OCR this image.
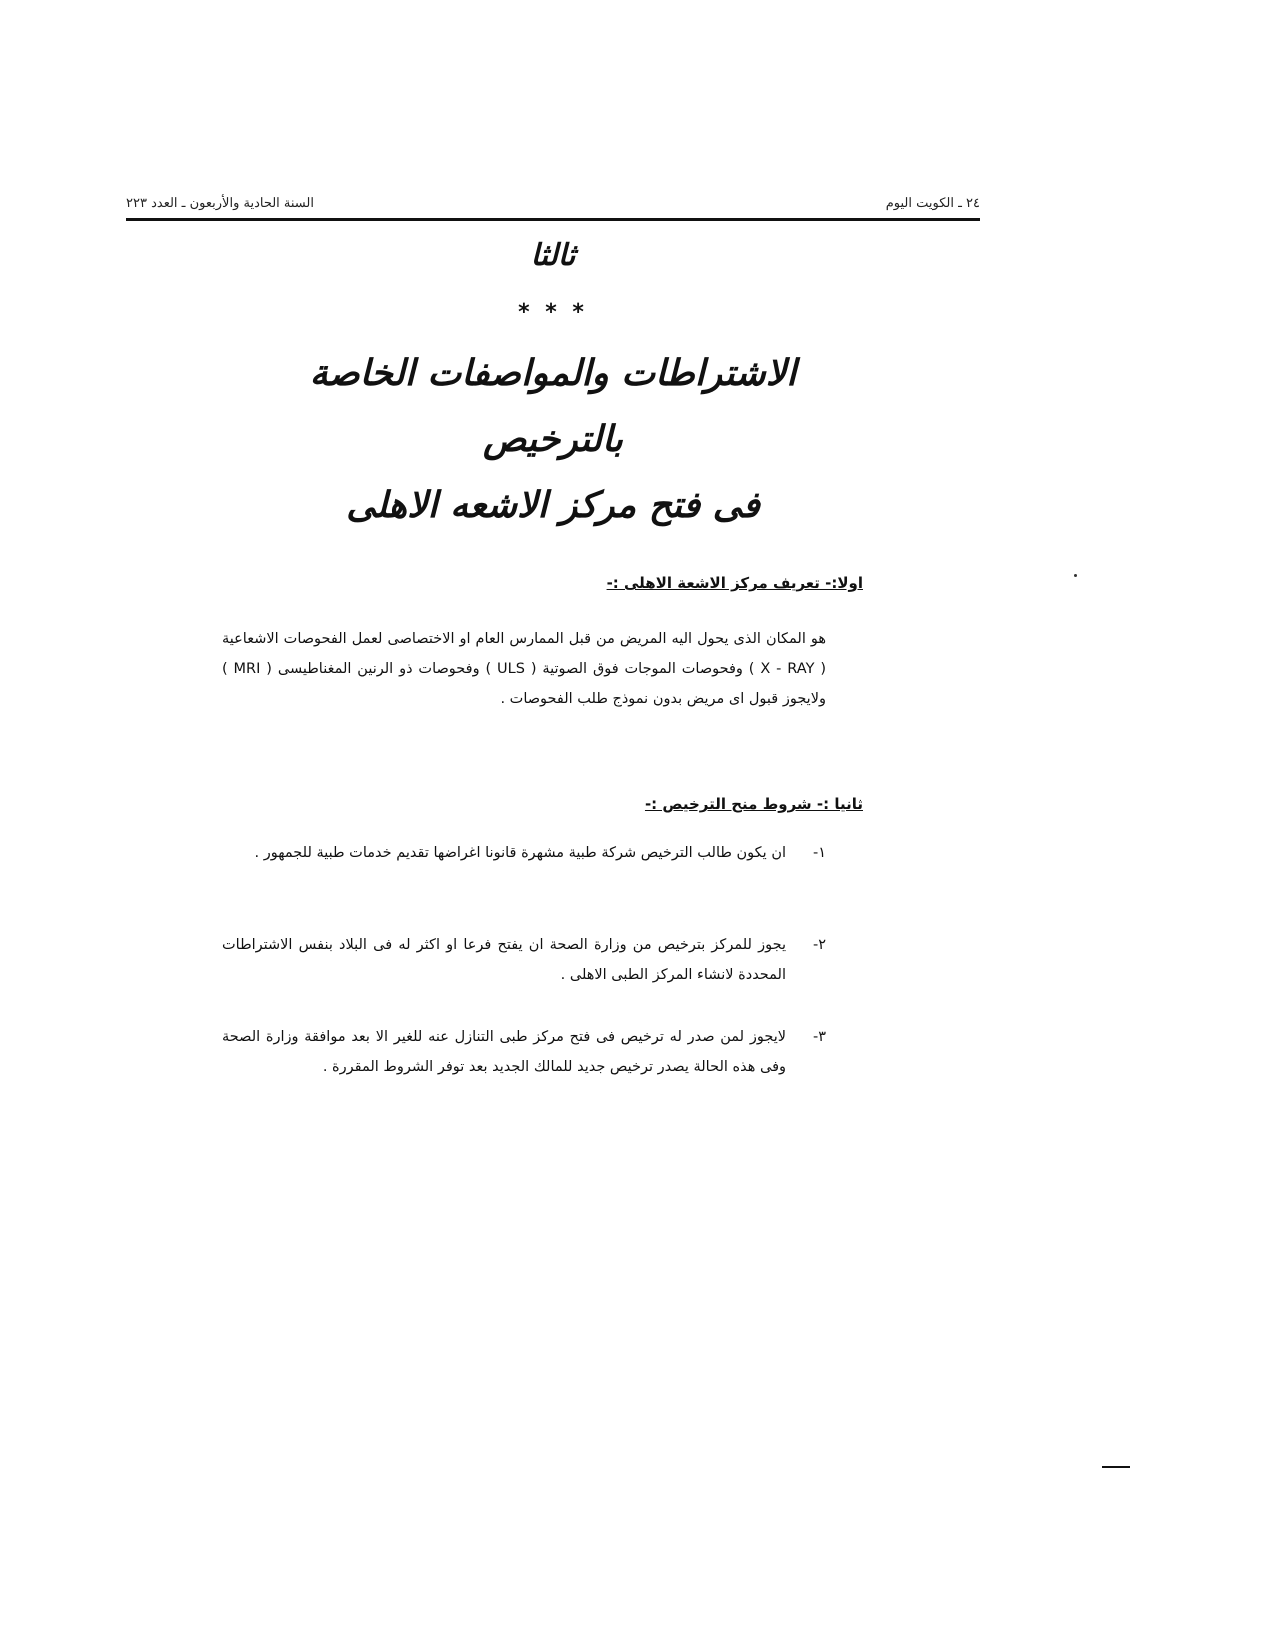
السنة الحادية والأربعون ـ العدد ٢٢٣	٢٤ ـ الكويت اليوم
ثالثا
* * *
الاشتراطات والمواصفات الخاصة
بالترخيص
فى فتح مركز الاشعه الاهلى
اولا:- تعريف مركز الاشعة الاهلى :-
هو المكان الذى يحول اليه المريض من قبل الممارس العام او الاختصاصى لعمل الفحوصات الاشعاعية ( X - RAY ) وفحوصات الموجات فوق الصوتية ( ULS ) وفحوصات ذو الرنين المغناطيسى ( MRI ) ولايجوز قبول اى مريض بدون نموذج طلب الفحوصات .
ثانيا :- شروط منح الترخيص :-
١-
ان يكون طالب الترخيص شركة طبية مشهرة قانونا اغراضها تقديم خدمات طبية للجمهور .
٢-
يجوز للمركز بترخيص من وزارة الصحة ان يفتح فرعا او اكثر له فى البلاد بنفس الاشتراطات المحددة لانشاء المركز الطبى الاهلى .
٣-
لايجوز لمن صدر له ترخيص فى فتح مركز طبى التنازل عنه للغير الا بعد موافقة وزارة الصحة وفى هذه الحالة يصدر ترخيص جديد للمالك الجديد بعد توفر الشروط المقررة .
